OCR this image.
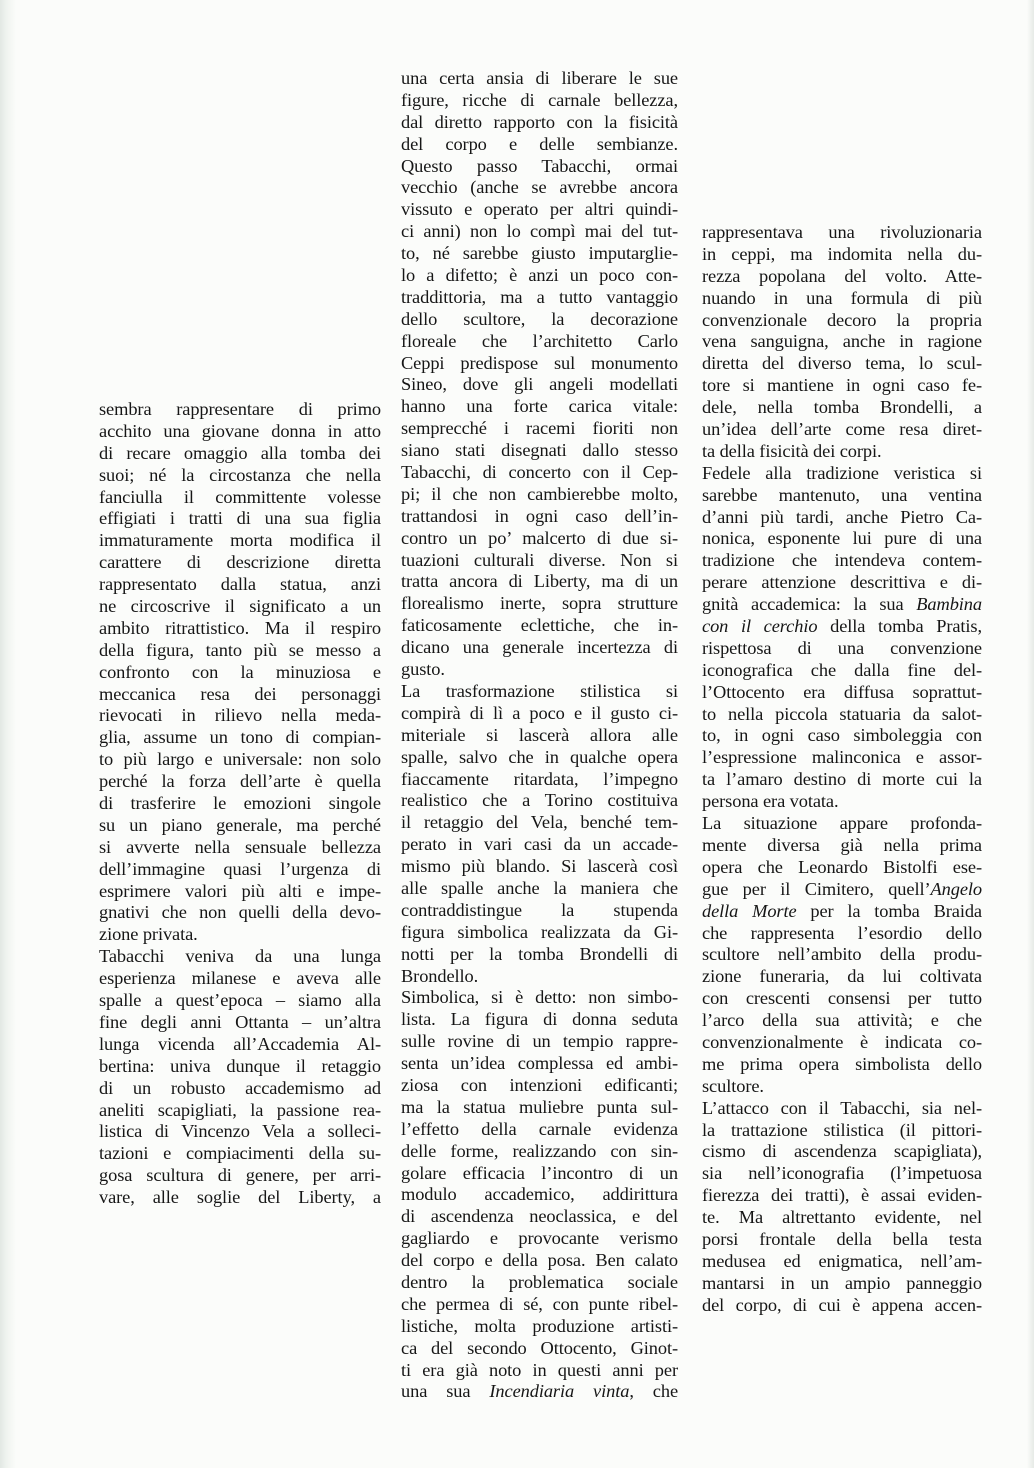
sembra rappresentare di primo
acchito una giovane donna in atto
di recare omaggio alla tomba dei
suoi; né la circostanza che nella
fanciulla il committente volesse
effigiati i tratti di una sua figlia
immaturamente morta modifica il
carattere di descrizione diretta
rappresentato dalla statua, anzi
ne circoscrive il significato a un
ambito ritrattistico. Ma il respiro
della figura, tanto più se messo a
confronto con la minuziosa e
meccanica resa dei personaggi
rievocati in rilievo nella meda-
glia, assume un tono di compian-
to più largo e universale: non solo
perché la forza dell’arte è quella
di trasferire le emozioni singole
su un piano generale, ma perché
si avverte nella sensuale bellezza
dell’immagine quasi l’urgenza di
esprimere valori più alti e impe-
gnativi che non quelli della devo-
zione privata.
Tabacchi veniva da una lunga
esperienza milanese e aveva alle
spalle a quest’epoca – siamo alla
fine degli anni Ottanta – un’altra
lunga vicenda all’Accademia Al-
bertina: univa dunque il retaggio
di un robusto accademismo ad
aneliti scapigliati, la passione rea-
listica di Vincenzo Vela a solleci-
tazioni e compiacimenti della su-
gosa scultura di genere, per arri-
vare, alle soglie del Liberty, a
una certa ansia di liberare le sue
figure, ricche di carnale bellezza,
dal diretto rapporto con la fisicità
del corpo e delle sembianze.
Questo passo Tabacchi, ormai
vecchio (anche se avrebbe ancora
vissuto e operato per altri quindi-
ci anni) non lo compì mai del tut-
to, né sarebbe giusto imputarglie-
lo a difetto; è anzi un poco con-
traddittoria, ma a tutto vantaggio
dello scultore, la decorazione
floreale che l’architetto Carlo
Ceppi predispose sul monumento
Sineo, dove gli angeli modellati
hanno una forte carica vitale:
semprecché i racemi fioriti non
siano stati disegnati dallo stesso
Tabacchi, di concerto con il Cep-
pi; il che non cambierebbe molto,
trattandosi in ogni caso dell’in-
contro un po’ malcerto di due si-
tuazioni culturali diverse. Non si
tratta ancora di Liberty, ma di un
florealismo inerte, sopra strutture
faticosamente eclettiche, che in-
dicano una generale incertezza di
gusto.
La trasformazione stilistica si
compirà di lì a poco e il gusto ci-
miteriale si lascerà allora alle
spalle, salvo che in qualche opera
fiaccamente ritardata, l’impegno
realistico che a Torino costituiva
il retaggio del Vela, benché tem-
perato in vari casi da un accade-
mismo più blando. Si lascerà così
alle spalle anche la maniera che
contraddistingue la stupenda
figura simbolica realizzata da Gi-
notti per la tomba Brondelli di
Brondello.
Simbolica, si è detto: non simbo-
lista. La figura di donna seduta
sulle rovine di un tempio rappre-
senta un’idea complessa ed ambi-
ziosa con intenzioni edificanti;
ma la statua muliebre punta sul-
l’effetto della carnale evidenza
delle forme, realizzando con sin-
golare efficacia l’incontro di un
modulo accademico, addirittura
di ascendenza neoclassica, e del
gagliardo e provocante verismo
del corpo e della posa. Ben calato
dentro la problematica sociale
che permea di sé, con punte ribel-
listiche, molta produzione artisti-
ca del secondo Ottocento, Ginot-
ti era già noto in questi anni per
una sua Incendiaria vinta, che
rappresentava una rivoluzionaria
in ceppi, ma indomita nella du-
rezza popolana del volto. Atte-
nuando in una formula di più
convenzionale decoro la propria
vena sanguigna, anche in ragione
diretta del diverso tema, lo scul-
tore si mantiene in ogni caso fe-
dele, nella tomba Brondelli, a
un’idea dell’arte come resa diret-
ta della fisicità dei corpi.
Fedele alla tradizione veristica si
sarebbe mantenuto, una ventina
d’anni più tardi, anche Pietro Ca-
nonica, esponente lui pure di una
tradizione che intendeva contem-
perare attenzione descrittiva e di-
gnità accademica: la sua Bambina
con il cerchio della tomba Pratis,
rispettosa di una convenzione
iconografica che dalla fine del-
l’Ottocento era diffusa soprattut-
to nella piccola statuaria da salot-
to, in ogni caso simboleggia con
l’espressione malinconica e assor-
ta l’amaro destino di morte cui la
persona era votata.
La situazione appare profonda-
mente diversa già nella prima
opera che Leonardo Bistolfi ese-
gue per il Cimitero, quell’Angelo
della Morte per la tomba Braida
che rappresenta l’esordio dello
scultore nell’ambito della produ-
zione funeraria, da lui coltivata
con crescenti consensi per tutto
l’arco della sua attività; e che
convenzionalmente è indicata co-
me prima opera simbolista dello
scultore.
L’attacco con il Tabacchi, sia nel-
la trattazione stilistica (il pittori-
cismo di ascendenza scapigliata),
sia nell’iconografia (l’impetuosa
fierezza dei tratti), è assai eviden-
te. Ma altrettanto evidente, nel
porsi frontale della bella testa
medusea ed enigmatica, nell’am-
mantarsi in un ampio panneggio
del corpo, di cui è appena accen-
